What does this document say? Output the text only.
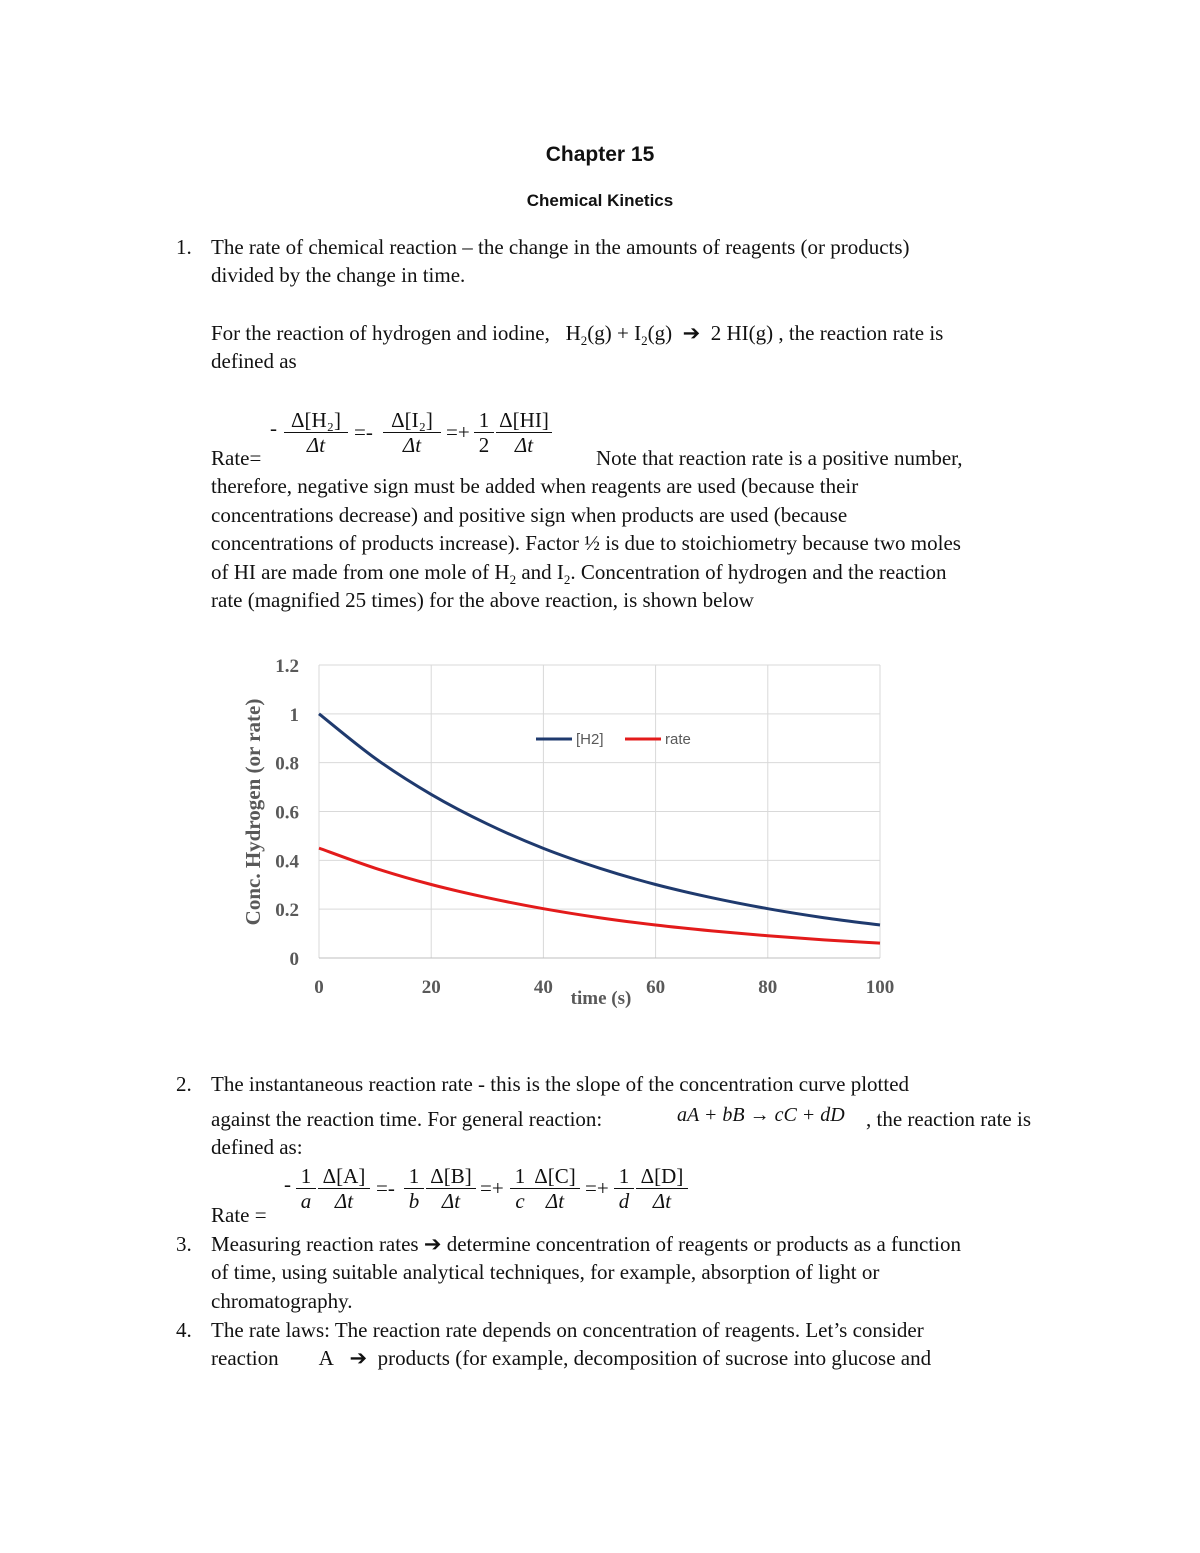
Chapter 15
Chemical Kinetics
1. The rate of chemical reaction – the change in the amounts of reagents (or products)
divided by the change in time.
For the reaction of hydrogen and iodine, $H_2(g) + I_2(g)$ ➔ 2 HI(g) , the reaction rate is
defined as
- $\frac{\text{Δ[H₂]}}{\Delta t} =- \frac{\text{Δ[I₂]}}{\Delta t} =+ \frac{1}{2} \frac{\Delta[HI]}{\Delta t}$
Rate=	Note that reaction rate is a positive number,
therefore, negative sign must be added when reagents are used (because their
concentrations decrease) and positive sign when products are used (because
concentrations of products increase). Factor ½ is due to stoichiometry because two moles
of HI are made from one mole of $H_2$ and $I_2$. Concentration of hydrogen and the reaction
rate (magnified 25 times) for the above reaction, is shown below
0
0.2
0.4
0.6
0.8
1
1.2
0	20	40	60	80	100
time (s)
Conc. Hydrogen (or rate)	[H2]	rate
2. The instantaneous reaction rate - this is the slope of the concentration curve plotted
against the reaction time. For general reaction:	aA + bB → cC + dD , the reaction rate is
defined as:
- $\frac{1}{a} \frac{\Delta[A]}{\Delta t} =- \frac{1}{b} \frac{\Delta[B]}{\Delta t} =+ \frac{1}{c} \frac{\Delta[C]}{\Delta t} =+ \frac{1}{d} \frac{\Delta[D]}{\Delta t}$
Rate =
3. Measuring reaction rates ➔ determine concentration of reagents or products as a function
of time, using suitable analytical techniques, for example, absorption of light or
chromatography.
4. The rate laws: The reaction rate depends on concentration of reagents. Let’s consider
reaction A ➔ products (for example, decomposition of sucrose into glucose and
